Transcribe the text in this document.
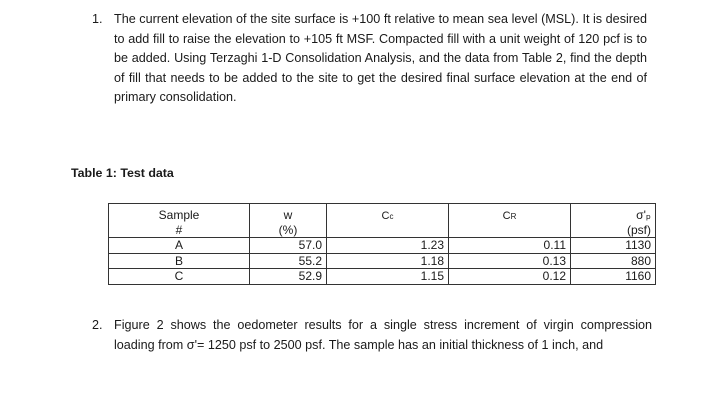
1. The current elevation of the site surface is +100 ft relative to mean sea level (MSL). It is desired to add fill to raise the elevation to +105 ft MSF. Compacted fill with a unit weight of 120 pcf is to be added. Using Terzaghi 1-D Consolidation Analysis, and the data from Table 2, find the depth of fill that needs to be added to the site to get the desired final surface elevation at the end of primary consolidation.
Table 1: Test data
Sample	w	Cc	CR	σ'ₚ
#	(%)			(psf)
A	57.0	1.23	0.11	1130
B	55.2	1.18	0.13	880
C	52.9	1.15	0.12	1160
2. Figure 2 shows the oedometer results for a single stress increment of virgin compression loading from σ'= 1250 psf to 2500 psf. The sample has an initial thickness of 1 inch, and
